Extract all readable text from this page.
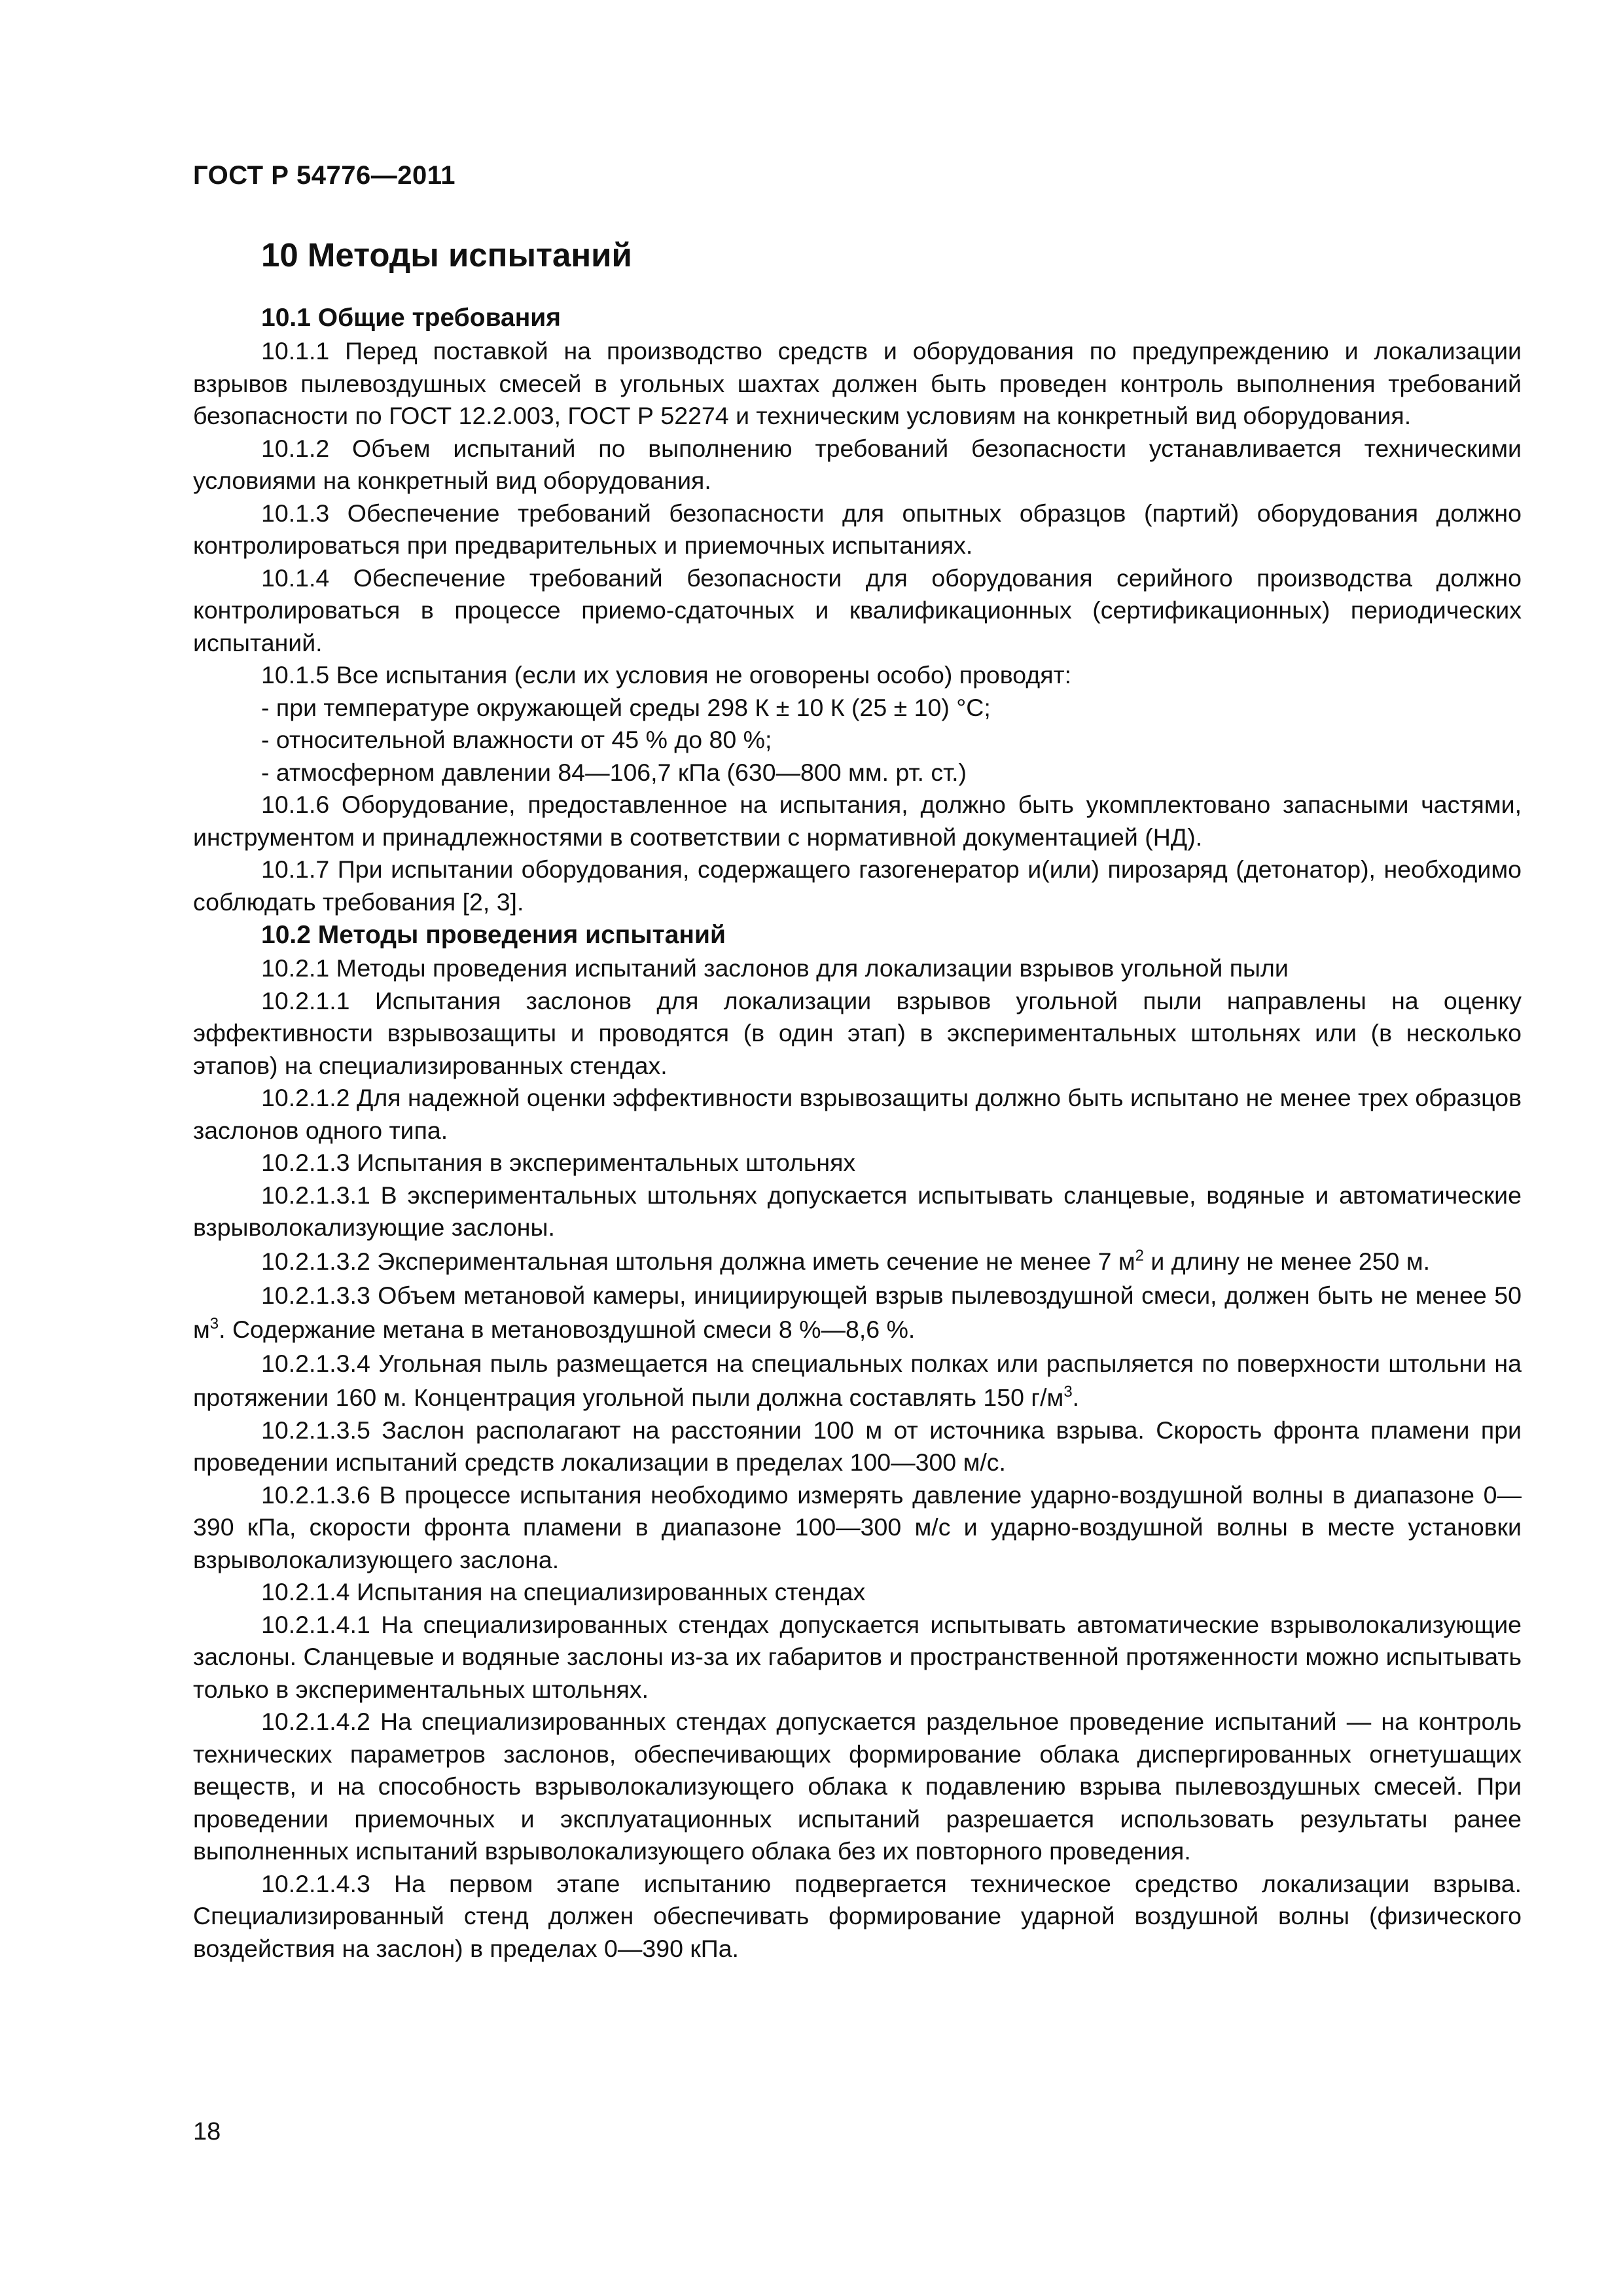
ГОСТ Р 54776—2011
10 Методы испытаний
10.1 Общие требования

10.1.1 Перед поставкой на производство средств и оборудования по предупреждению и локализации взрывов пылевоздушных смесей в угольных шахтах должен быть проведен контроль выполнения требований безопасности по ГОСТ 12.2.003, ГОСТ Р 52274 и техническим условиям на конкретный вид оборудования.

10.1.2 Объем испытаний по выполнению требований безопасности устанавливается техническими условиями на конкретный вид оборудования.

10.1.3 Обеспечение требований безопасности для опытных образцов (партий) оборудования должно контролироваться при предварительных и приемочных испытаниях.

10.1.4 Обеспечение требований безопасности для оборудования серийного производства должно контролироваться в процессе приемо-сдаточных и квалификационных (сертификационных) периодических испытаний.

10.1.5 Все испытания (если их условия не оговорены особо) проводят:

- при температуре окружающей среды 298 К ± 10 К (25 ± 10) °С;

- относительной влажности от 45 % до 80 %;

- атмосферном давлении 84—106,7 кПа (630—800 мм. рт. ст.)

10.1.6 Оборудование, предоставленное на испытания, должно быть укомплектовано запасными частями, инструментом и принадлежностями в соответствии с нормативной документацией (НД).

10.1.7 При испытании оборудования, содержащего газогенератор и(или) пирозаряд (детонатор), необходимо соблюдать требования [2, 3].

10.2 Методы проведения испытаний

10.2.1 Методы проведения испытаний заслонов для локализации взрывов угольной пыли

10.2.1.1 Испытания заслонов для локализации взрывов угольной пыли направлены на оценку эффективности взрывозащиты и проводятся (в один этап) в экспериментальных штольнях или (в несколько этапов) на специализированных стендах.

10.2.1.2 Для надежной оценки эффективности взрывозащиты должно быть испытано не менее трех образцов заслонов одного типа.

10.2.1.3 Испытания в экспериментальных штольнях

10.2.1.3.1 В экспериментальных штольнях допускается испытывать сланцевые, водяные и автоматические взрыволокализующие заслоны.

10.2.1.3.2 Экспериментальная штольня должна иметь сечение не менее 7 $м^2$ и длину не менее 250 м.

10.2.1.3.3 Объем метановой камеры, инициирующей взрыв пылевоздушной смеси, должен быть не менее 50 $м^3$. Содержание метана в метановоздушной смеси 8 %—8,6 %.

10.2.1.3.4 Угольная пыль размещается на специальных полках или распыляется по поверхности штольни на протяжении 160 м. Концентрация угольной пыли должна составлять 150 $г/м^3$.

10.2.1.3.5 Заслон располагают на расстоянии 100 м от источника взрыва. Скорость фронта пламени при проведении испытаний средств локализации в пределах 100—300 м/с.

10.2.1.3.6 В процессе испытания необходимо измерять давление ударно-воздушной волны в диапазоне 0—390 кПа, скорости фронта пламени в диапазоне 100—300 м/с и ударно-воздушной волны в месте установки взрыволокализующего заслона.

10.2.1.4 Испытания на специализированных стендах

10.2.1.4.1 На специализированных стендах допускается испытывать автоматические взрыволокализующие заслоны. Сланцевые и водяные заслоны из-за их габаритов и пространственной протяженности можно испытывать только в экспериментальных штольнях.

10.2.1.4.2 На специализированных стендах допускается раздельное проведение испытаний — на контроль технических параметров заслонов, обеспечивающих формирование облака диспергированных огнетушащих веществ, и на способность взрыволокализующего облака к подавлению взрыва пылевоздушных смесей. При проведении приемочных и эксплуатационных испытаний разрешается использовать результаты ранее выполненных испытаний взрыволокализующего облака без их повторного проведения.

10.2.1.4.3 На первом этапе испытанию подвергается техническое средство локализации взрыва. Специализированный стенд должен обеспечивать формирование ударной воздушной волны (физического воздействия на заслон) в пределах 0—390 кПа.

18
